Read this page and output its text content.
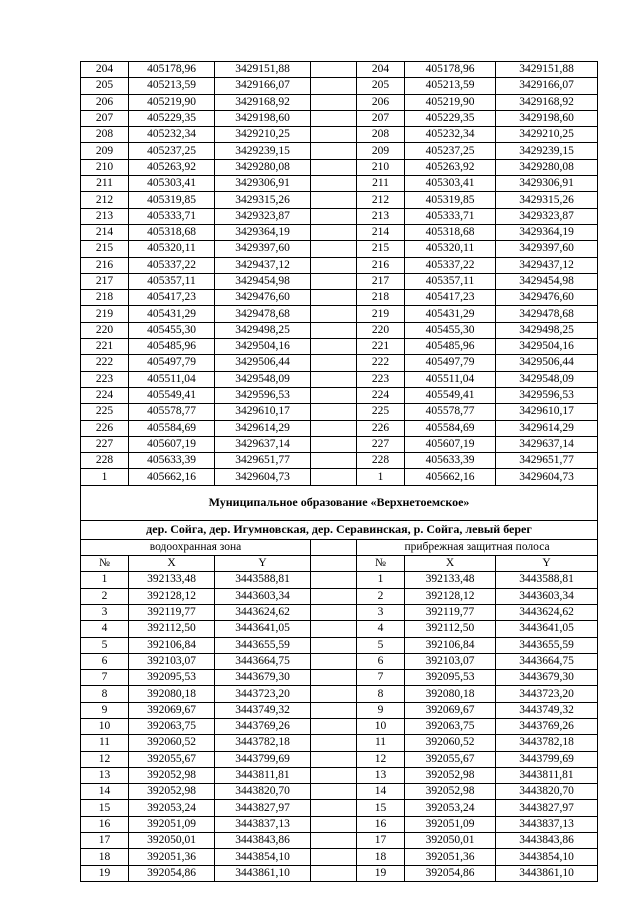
204	405178,96	3429151,88		204	405178,96	3429151,88
205	405213,59	3429166,07		205	405213,59	3429166,07
206	405219,90	3429168,92		206	405219,90	3429168,92
207	405229,35	3429198,60		207	405229,35	3429198,60
208	405232,34	3429210,25		208	405232,34	3429210,25
209	405237,25	3429239,15		209	405237,25	3429239,15
210	405263,92	3429280,08		210	405263,92	3429280,08
211	405303,41	3429306,91		211	405303,41	3429306,91
212	405319,85	3429315,26		212	405319,85	3429315,26
213	405333,71	3429323,87		213	405333,71	3429323,87
214	405318,68	3429364,19		214	405318,68	3429364,19
215	405320,11	3429397,60		215	405320,11	3429397,60
216	405337,22	3429437,12		216	405337,22	3429437,12
217	405357,11	3429454,98		217	405357,11	3429454,98
218	405417,23	3429476,60		218	405417,23	3429476,60
219	405431,29	3429478,68		219	405431,29	3429478,68
220	405455,30	3429498,25		220	405455,30	3429498,25
221	405485,96	3429504,16		221	405485,96	3429504,16
222	405497,79	3429506,44		222	405497,79	3429506,44
223	405511,04	3429548,09		223	405511,04	3429548,09
224	405549,41	3429596,53		224	405549,41	3429596,53
225	405578,77	3429610,17		225	405578,77	3429610,17
226	405584,69	3429614,29		226	405584,69	3429614,29
227	405607,19	3429637,14		227	405607,19	3429637,14
228	405633,39	3429651,77		228	405633,39	3429651,77
1	405662,16	3429604,73		1	405662,16	3429604,73
Муниципальное образование «Верхнетоемское»						
дер. Сойга, дер. Игумновская, дер. Серавинская, р. Сойга, левый берег						
водоохранная зона				прибрежная защитная полоса		
№	X	Y		№	X	Y
1	392133,48	3443588,81		1	392133,48	3443588,81
2	392128,12	3443603,34		2	392128,12	3443603,34
3	392119,77	3443624,62		3	392119,77	3443624,62
4	392112,50	3443641,05		4	392112,50	3443641,05
5	392106,84	3443655,59		5	392106,84	3443655,59
6	392103,07	3443664,75		6	392103,07	3443664,75
7	392095,53	3443679,30		7	392095,53	3443679,30
8	392080,18	3443723,20		8	392080,18	3443723,20
9	392069,67	3443749,32		9	392069,67	3443749,32
10	392063,75	3443769,26		10	392063,75	3443769,26
11	392060,52	3443782,18		11	392060,52	3443782,18
12	392055,67	3443799,69		12	392055,67	3443799,69
13	392052,98	3443811,81		13	392052,98	3443811,81
14	392052,98	3443820,70		14	392052,98	3443820,70
15	392053,24	3443827,97		15	392053,24	3443827,97
16	392051,09	3443837,13		16	392051,09	3443837,13
17	392050,01	3443843,86		17	392050,01	3443843,86
18	392051,36	3443854,10		18	392051,36	3443854,10
19	392054,86	3443861,10		19	392054,86	3443861,10
